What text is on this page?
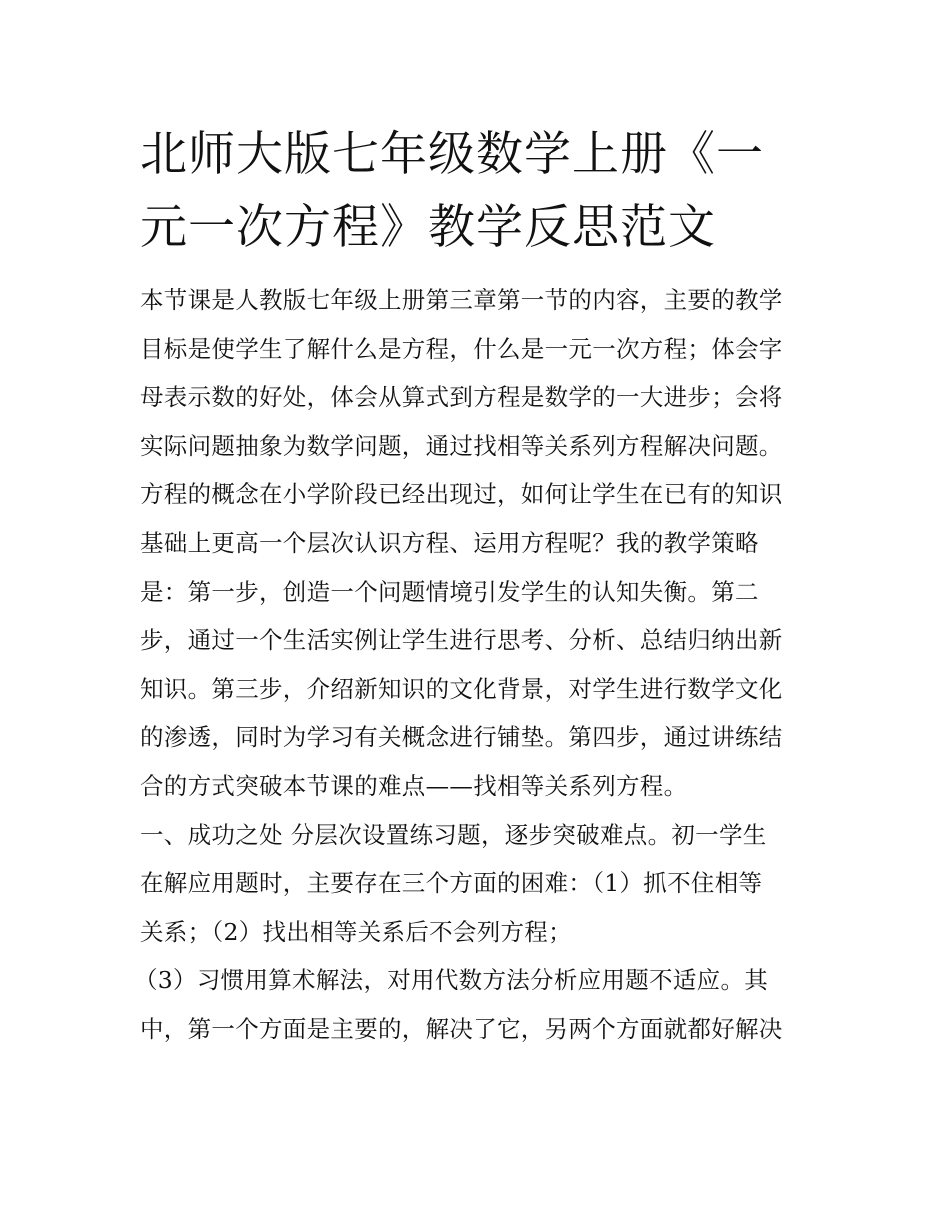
北师大版七年级数学上册《一
元一次方程》教学反思范文
本节课是人教版七年级上册第三章第一节的内容，主要的教学
目标是使学生了解什么是方程，什么是一元一次方程；体会字
母表示数的好处，体会从算式到方程是数学的一大进步；会将
实际问题抽象为数学问题，通过找相等关系列方程解决问题。
方程的概念在小学阶段已经出现过，如何让学生在已有的知识
基础上更高一个层次认识方程、运用方程呢？我的教学策略
是：第一步，创造一个问题情境引发学生的认知失衡。第二
步，通过一个生活实例让学生进行思考、分析、总结归纳出新
知识。第三步，介绍新知识的文化背景，对学生进行数学文化
的渗透，同时为学习有关概念进行铺垫。第四步，通过讲练结
合的方式突破本节课的难点——找相等关系列方程。
一、成功之处 分层次设置练习题，逐步突破难点。初一学生
在解应用题时，主要存在三个方面的困难：（1）抓不住相等
关系；（2）找出相等关系后不会列方程；
（3）习惯用算术解法，对用代数方法分析应用题不适应。其
中，第一个方面是主要的，解决了它，另两个方面就都好解决
